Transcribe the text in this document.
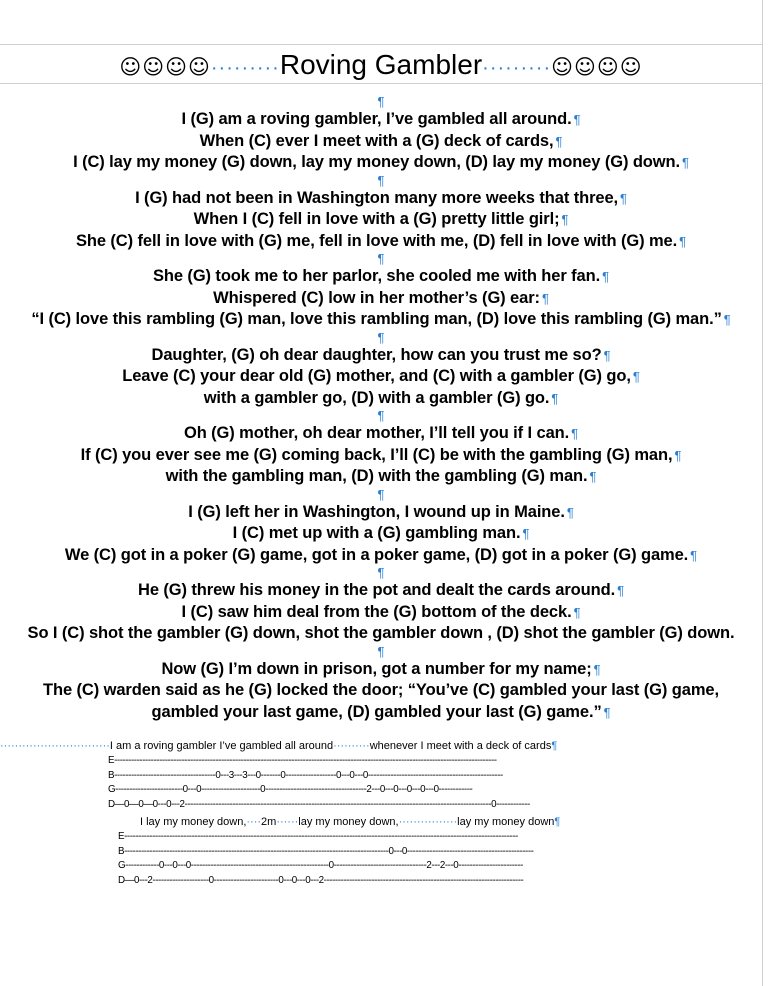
☺☺☺☺·········Roving Gambler·········☺☺☺☺
¶
I (G) am a roving gambler, I’ve gambled all around. ¶
When (C) ever I meet with a (G) deck of cards, ¶
I (C) lay my money (G) down, lay my money down, (D) lay my money (G) down. ¶
¶
I (G) had not been in Washington many more weeks that three, ¶
When I (C) fell in love with a (G) pretty little girl; ¶
She (C) fell in love with (G) me, fell in love with me, (D) fell in love with (G) me. ¶
¶
She (G) took me to her parlor, she cooled me with her fan. ¶
Whispered (C) low in her mother’s (G) ear: ¶
“I (C) love this rambling (G) man, love this rambling man, (D) love this rambling (G) man.” ¶
¶
Daughter, (G) oh dear daughter, how can you trust me so? ¶
Leave (C) your dear old (G) mother, and (C) with a gambler (G) go, ¶
with a gambler go, (D) with a gambler (G) go. ¶
¶
Oh (G) mother, oh dear mother, I’ll tell you if I can. ¶
If (C) you ever see me (G) coming back, I’ll (C) be with the gambling (G) man, ¶
with the gambling man, (D) with the gambling (G) man. ¶
¶
I (G) left her in Washington, I wound up in Maine. ¶
I (C) met up with a (G) gambling man. ¶
We (C) got in a poker (G) game, got in a poker game, (D) got in a poker (G) game. ¶
¶
He (G) threw his money in the pot and dealt the cards around. ¶
I (C) saw him deal from the (G) bottom of the deck. ¶
So I (C) shot the gambler (G) down, shot the gambler down , (D) shot the gambler (G) down.
¶
Now (G) I’m down in prison, got a number for my name; ¶
The (C) warden said as he (G) locked the door; “You’ve (C) gambled your last (G) game,
gambled your last game, (D) gambled your last (G) game.” ¶
······························I am a roving gambler I’ve gambled all around··········whenever I meet with a deck of cards¶
E----------------------------------------------------------------------------------------------------------------------------------------
B------------------------------------0---3---3---0-------0------------------0---0---0------------------------------------------------
G------------------------0---0---------------------0------------------------------------2---0---0---0---0---0------------
D—0—0—0---0---2-------------------------------------------------------------------------------------------------------------0------------
I lay my money down,····2m······lay my money down,················lay my money down¶
E--------------------------------------------------------------------------------------------------------------------------------------------
B----------------------------------------------------------------------------------------------0---0---------------------------------------------
G------------0---0---0-------------------------------------------------0---------------------------------2---2---0-----------------------
D—0---2--------------------0-----------------------0---0---0---2-----------------------------------------------------------------------
